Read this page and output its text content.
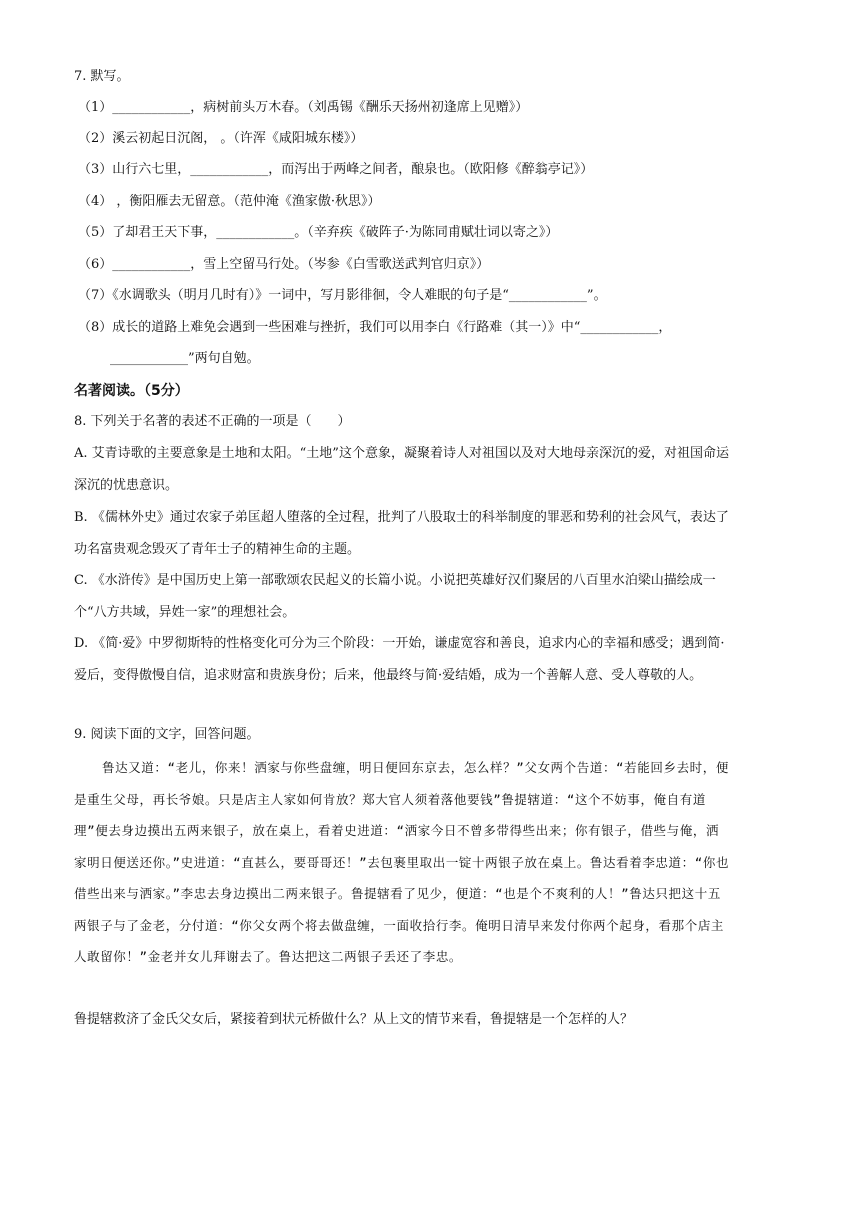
7. 默写。
（1）____________，病树前头万木春。（刘禹锡《酬乐天扬州初逢席上见赠》）
（2）溪云初起日沉阁， 。（许浑《咸阳城东楼》）
（3）山行六七里，____________，而泻出于两峰之间者，酿泉也。（欧阳修《醉翁亭记》）
（4） ，衡阳雁去无留意。（范仲淹《渔家傲·秋思》）
（5）了却君王天下事，____________。（辛弃疾《破阵子·为陈同甫赋壮词以寄之》）
（6）____________，雪上空留马行处。（岑参《白雪歌送武判官归京》）
（7）《水调歌头（明月几时有）》一词中，写月影徘徊，令人难眠的句子是“____________”。
（8）成长的道路上难免会遇到一些困难与挫折，我们可以用李白《行路难（其一）》中“____________，
____________”两句自勉。
名著阅读。（5分）
8. 下列关于名著的表述不正确的一项是（　　）
A. 艾青诗歌的主要意象是土地和太阳。“土地”这个意象，凝聚着诗人对祖国以及对大地母亲深沉的爱，对祖国命运深沉的忧患意识。
B. 《儒林外史》通过农家子弟匡超人堕落的全过程，批判了八股取士的科举制度的罪恶和势利的社会风气，表达了功名富贵观念毁灭了青年士子的精神生命的主题。
C. 《水浒传》是中国历史上第一部歌颂农民起义的长篇小说。小说把英雄好汉们聚居的八百里水泊梁山描绘成一个“八方共域，异姓一家”的理想社会。
D. 《简·爱》中罗彻斯特的性格变化可分为三个阶段：一开始，谦虚宽容和善良，追求内心的幸福和感受；遇到简·爱后，变得傲慢自信，追求财富和贵族身份；后来，他最终与简·爱结婚，成为一个善解人意、受人尊敬的人。
9. 阅读下面的文字，回答问题。
鲁达又道：“老儿，你来！洒家与你些盘缠，明日便回东京去，怎么样？”父女两个告道：“若能回乡去时，便是重生父母，再长爷娘。只是店主人家如何肯放？郑大官人须着落他要钱”鲁提辖道：“这个不妨事，俺自有道理”便去身边摸出五两来银子，放在桌上，看着史进道：“洒家今日不曾多带得些出来；你有银子，借些与俺，洒家明日便送还你。”史进道：“直甚么，要哥哥还！”去包裹里取出一锭十两银子放在桌上。鲁达看着李忠道：“你也借些出来与洒家。”李忠去身边摸出二两来银子。鲁提辖看了见少，便道：“也是个不爽利的人！”鲁达只把这十五两银子与了金老，分付道：“你父女两个将去做盘缠，一面收拾行李。俺明日清早来发付你两个起身，看那个店主人敢留你！”金老并女儿拜谢去了。鲁达把这二两银子丢还了李忠。
鲁提辖救济了金氏父女后，紧接着到状元桥做什么？从上文的情节来看，鲁提辖是一个怎样的人？
